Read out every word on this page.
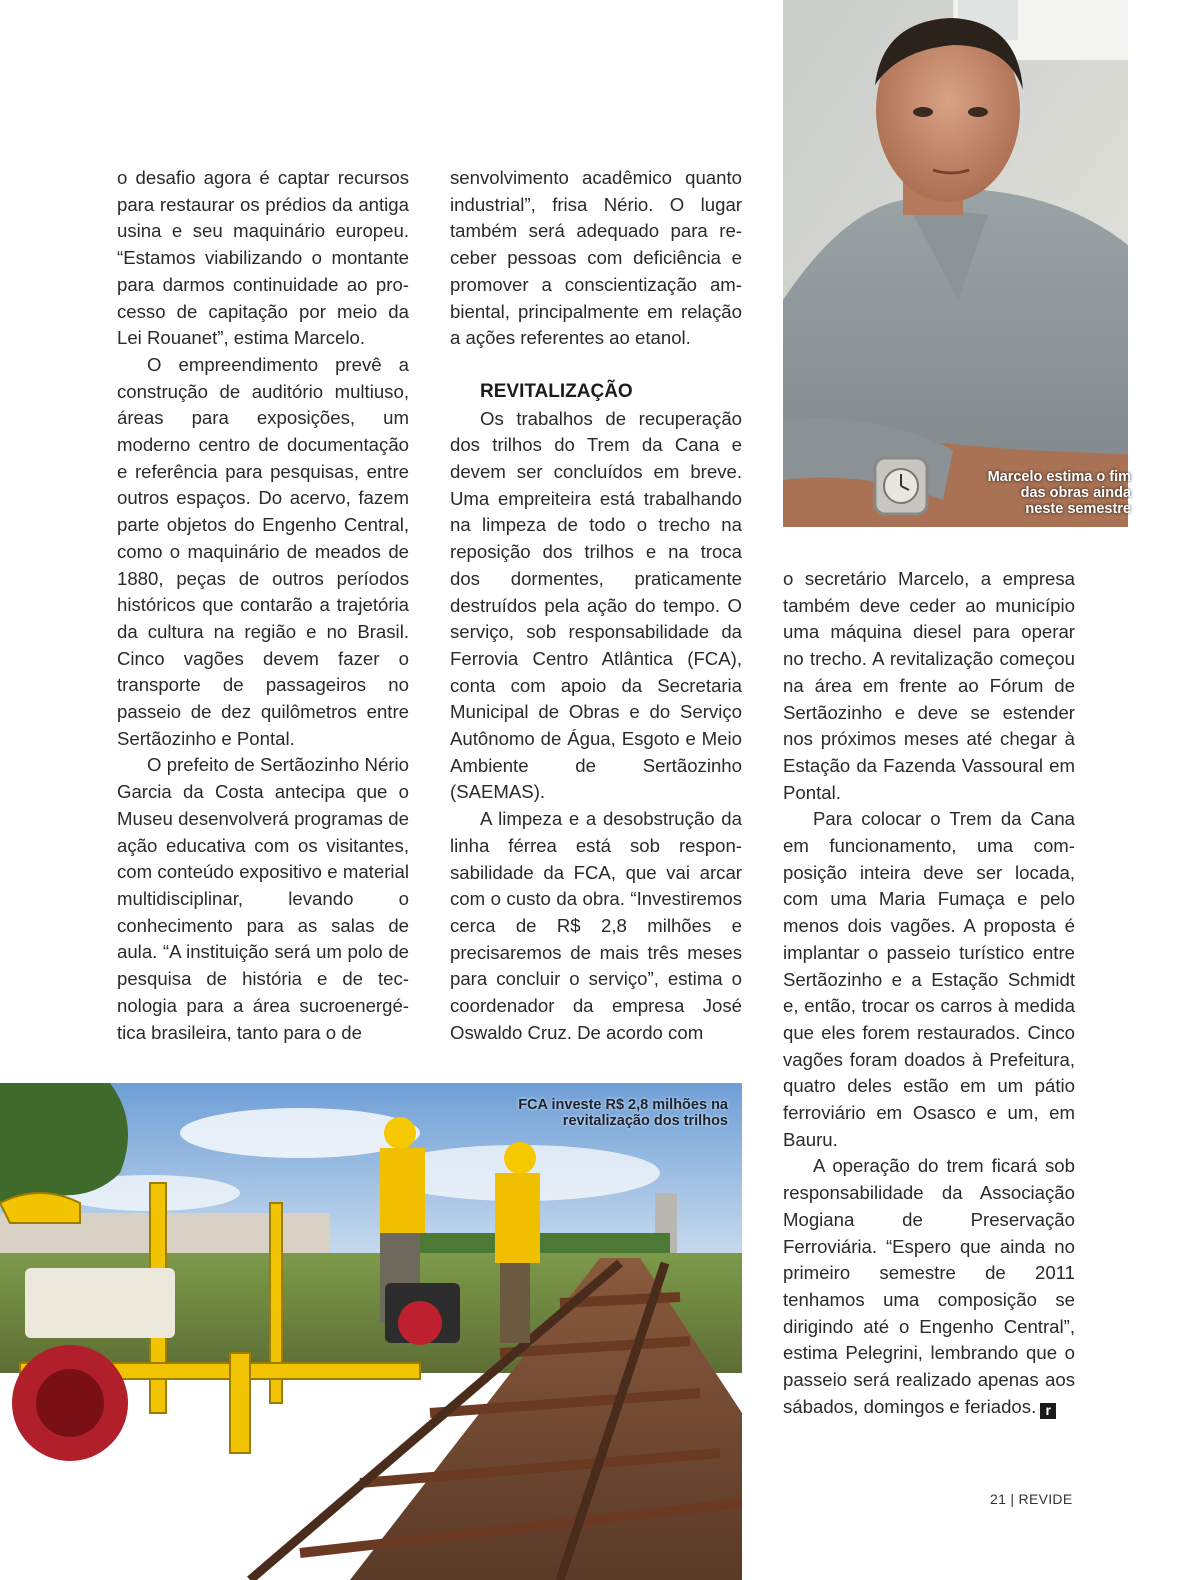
Marcelo estima o fim das obras ainda neste semestre

o desafio agora é captar recursos para restaurar os prédios da antiga usina e seu maquinário europeu. “Estamos viabilizando o montante para darmos continuidade ao processo de capitação por meio da Lei Rouanet”, estima Marcelo.

O empreendimento prevê a construção de auditório multiuso, áreas para exposições, um moderno centro de documentação e referência para pesquisas, entre outros espaços. Do acervo, fazem parte objetos do Engenho Central, como o maquinário de meados de 1880, peças de outros períodos históricos que contarão a trajetória da cultura na região e no Brasil. Cinco vagões devem fazer o transporte de passageiros no passeio de dez quilômetros entre Sertãozinho e Pontal.

O prefeito de Sertãozinho Nério Garcia da Costa antecipa que o Museu desenvolverá programas de ação educativa com os visitantes, com conteúdo expositivo e material multidisciplinar, levando o conhecimento para as salas de aula. “A instituição será um polo de pesquisa de história e de tecnologia para a área sucroenergética brasileira, tanto para o de

senvolvimento acadêmico quanto industrial”, frisa Nério. O lugar também será adequado para receber pessoas com deficiência e promover a conscientização ambiental, principalmente em relação a ações referentes ao etanol.

REVITALIZAÇÃO

Os trabalhos de recuperação dos trilhos do Trem da Cana e devem ser concluídos em breve. Uma empreiteira está trabalhando na limpeza de todo o trecho na reposição dos trilhos e na troca dos dormentes, praticamente destruídos pela ação do tempo. O serviço, sob responsabilidade da Ferrovia Centro Atlântica (FCA), conta com apoio da Secretaria Municipal de Obras e do Serviço Autônomo de Água, Esgoto e Meio Ambiente de Sertãozinho (SAEMAS).

A limpeza e a desobstrução da linha férrea está sob responsabilidade da FCA, que vai arcar com o custo da obra. “Investiremos cerca de R$ 2,8 milhões e precisaremos de mais três meses para concluir o serviço”, estima o coordenador da empresa José Oswaldo Cruz. De acordo com

o secretário Marcelo, a empresa também deve ceder ao município uma máquina diesel para operar no trecho. A revitalização começou na área em frente ao Fórum de Sertãozinho e deve se estender nos próximos meses até chegar à Estação da Fazenda Vassoural em Pontal.

Para colocar o Trem da Cana em funcionamento, uma composição inteira deve ser locada, com uma Maria Fumaça e pelo menos dois vagões. A proposta é implantar o passeio turístico entre Sertãozinho e a Estação Schmidt e, então, trocar os carros à medida que eles forem restaurados. Cinco vagões foram doados à Prefeitura, quatro deles estão em um pátio ferroviário em Osasco e um, em Bauru.

A operação do trem ficará sob responsabilidade da Associação Mogiana de Preservação Ferroviária. “Espero que ainda no primeiro semestre de 2011 tenhamos uma composição se dirigindo até o Engenho Central”, estima Pelegrini, lembrando que o passeio será realizado apenas aos sábados, domingos e feriados. r

FCA investe R$ 2,8 milhões na revitalização dos trilhos
21 | REVIDE
